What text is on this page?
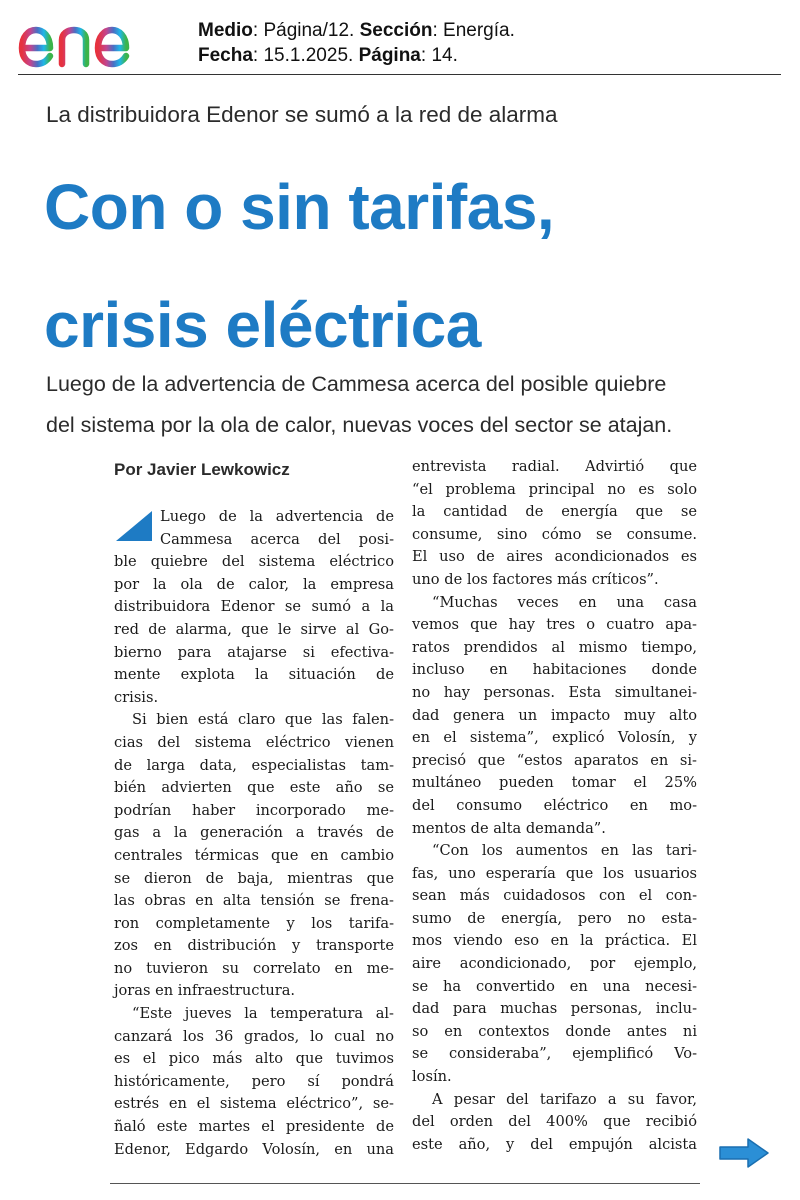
Medio: Página/12. Sección: Energía.
Fecha: 15.1.2025. Página: 14.
La distribuidora Edenor se sumó a la red de alarma
Con o sin tarifas,
crisis eléctrica
Luego de la advertencia de Cammesa acerca del posible quiebre
del sistema por la ola de calor, nuevas voces del sector se atajan.
Por Javier Lewkowicz
Luego de la advertencia de
Cammesa acerca del posi-
ble quiebre del sistema eléctrico
por la ola de calor, la empresa
distribuidora Edenor se sumó a la
red de alarma, que le sirve al Go-
bierno para atajarse si efectiva-
mente explota la situación de
crisis.
Si bien está claro que las falen-
cias del sistema eléctrico vienen
de larga data, especialistas tam-
bién advierten que este año se
podrían haber incorporado me-
gas a la generación a través de
centrales térmicas que en cambio
se dieron de baja, mientras que
las obras en alta tensión se frena-
ron completamente y los tarifa-
zos en distribución y transporte
no tuvieron su correlato en me-
joras en infraestructura.
“Este jueves la temperatura al-
canzará los 36 grados, lo cual no
es el pico más alto que tuvimos
históricamente, pero sí pondrá
estrés en el sistema eléctrico”, se-
ñaló este martes el presidente de
Edenor, Edgardo Volosín, en una
entrevista radial. Advirtió que
“el problema principal no es solo
la cantidad de energía que se
consume, sino cómo se consume.
El uso de aires acondicionados es
uno de los factores más críticos”.
“Muchas veces en una casa
vemos que hay tres o cuatro apa-
ratos prendidos al mismo tiempo,
incluso en habitaciones donde
no hay personas. Esta simultanei-
dad genera un impacto muy alto
en el sistema”, explicó Volosín, y
precisó que “estos aparatos en si-
multáneo pueden tomar el 25%
del consumo eléctrico en mo-
mentos de alta demanda”.
“Con los aumentos en las tari-
fas, uno esperaría que los usuarios
sean más cuidadosos con el con-
sumo de energía, pero no esta-
mos viendo eso en la práctica. El
aire acondicionado, por ejemplo,
se ha convertido en una necesi-
dad para muchas personas, inclu-
so en contextos donde antes ni
se consideraba”, ejemplificó Vo-
losín.
A pesar del tarifazo a su favor,
del orden del 400% que recibió
este año, y del empujón alcista
